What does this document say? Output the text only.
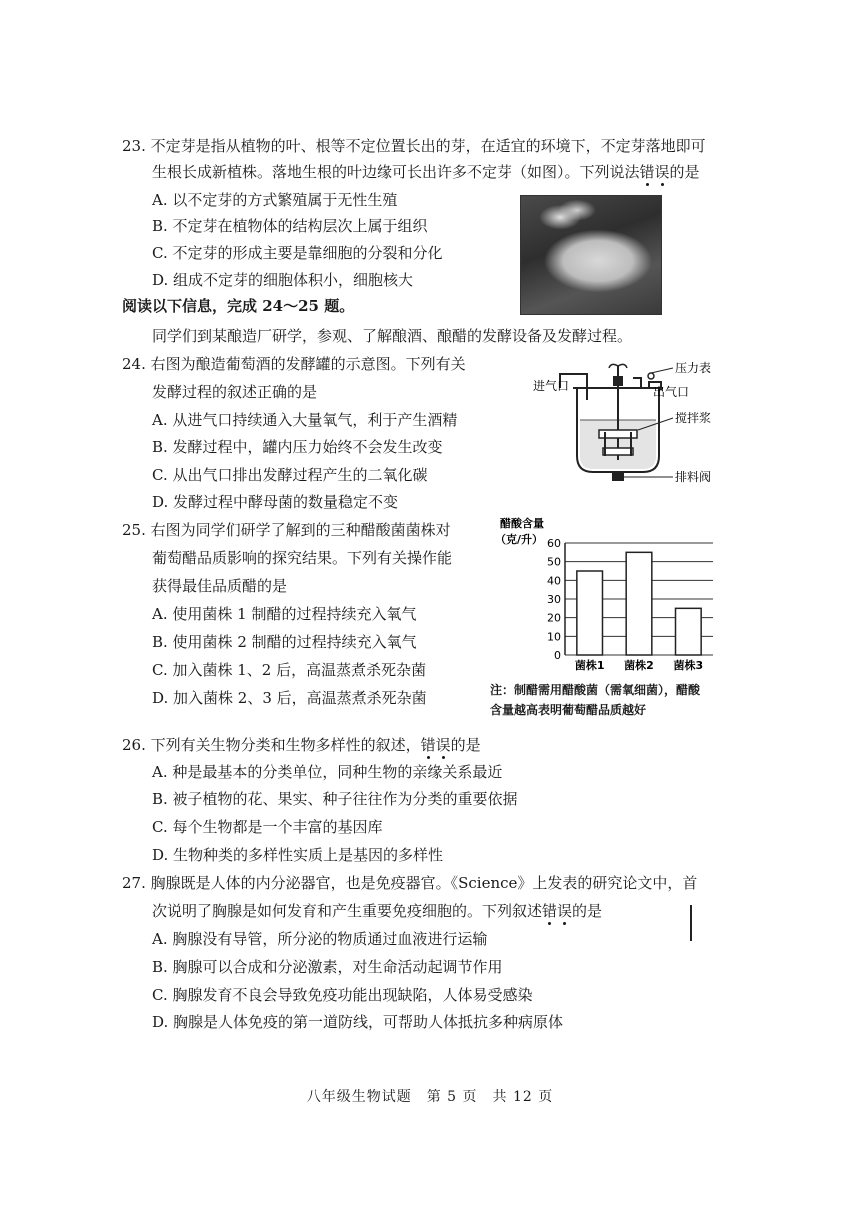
23. 不定芽是指从植物的叶、根等不定位置长出的芽，在适宜的环境下，不定芽落地即可
生根长成新植株。落地生根的叶边缘可长出许多不定芽（如图）。下列说法错误的是
A. 以不定芽的方式繁殖属于无性生殖
B. 不定芽在植物体的结构层次上属于组织
C. 不定芽的形成主要是靠细胞的分裂和分化
D. 组成不定芽的细胞体积小，细胞核大
阅读以下信息，完成 24～25 题。
同学们到某酿造厂研学，参观、了解酿酒、酿醋的发酵设备及发酵过程。
24. 右图为酿造葡萄酒的发酵罐的示意图。下列有关
发酵过程的叙述正确的是
A. 从进气口持续通入大量氧气，利于产生酒精
B. 发酵过程中，罐内压力始终不会发生改变
C. 从出气口排出发酵过程产生的二氧化碳
D. 发酵过程中酵母菌的数量稳定不变
进气口
压力表
出气口
搅拌浆
排料阀
25. 右图为同学们研学了解到的三种醋酸菌菌株对
葡萄醋品质影响的探究结果。下列有关操作能
获得最佳品质醋的是
A. 使用菌株 1 制醋的过程持续充入氧气
B. 使用菌株 2 制醋的过程持续充入氧气
C. 加入菌株 1、2 后，高温蒸煮杀死杂菌
D. 加入菌株 2、3 后，高温蒸煮杀死杂菌
醋酸含量
（克/升）
0
10
20
30
40
50
60
菌株1 菌株2 菌株3
注：制醋需用醋酸菌（需氧细菌），醋酸
含量越高表明葡萄醋品质越好
26. 下列有关生物分类和生物多样性的叙述，错误的是
A. 种是最基本的分类单位，同种生物的亲缘关系最近
B. 被子植物的花、果实、种子往往作为分类的重要依据
C. 每个生物都是一个丰富的基因库
D. 生物种类的多样性实质上是基因的多样性
27. 胸腺既是人体的内分泌器官，也是免疫器官。《Science》上发表的研究论文中，首
次说明了胸腺是如何发育和产生重要免疫细胞的。下列叙述错误的是
A. 胸腺没有导管，所分泌的物质通过血液进行运输
B. 胸腺可以合成和分泌激素，对生命活动起调节作用
C. 胸腺发育不良会导致免疫功能出现缺陷，人体易受感染
D. 胸腺是人体免疫的第一道防线，可帮助人体抵抗多种病原体
八年级生物试题　第 5 页　共 12 页
